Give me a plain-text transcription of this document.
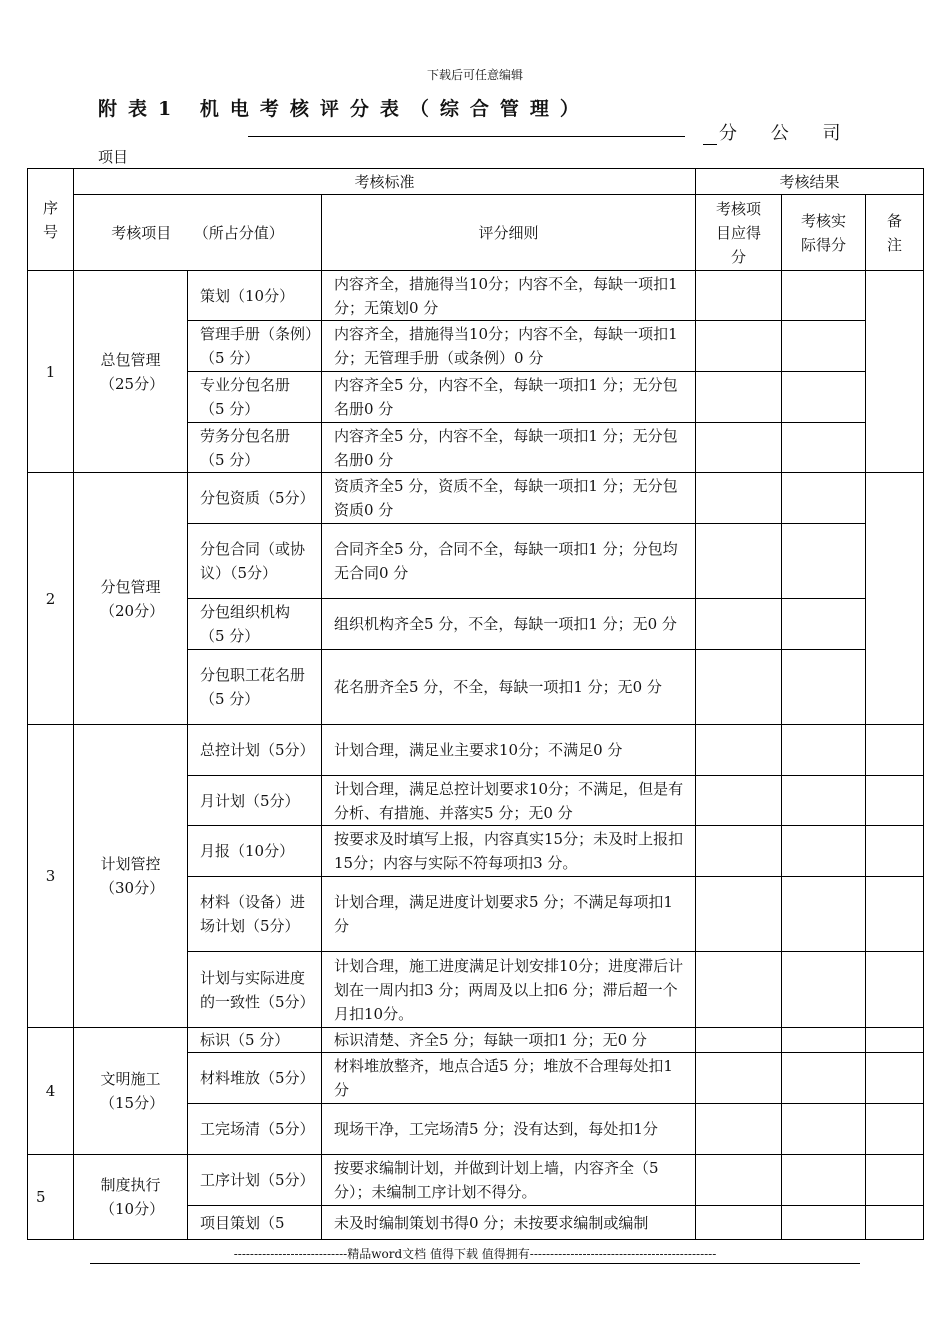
下载后可任意编辑
附表1 机电考核评分表（综合管理）
分 公 司
项目
序号	考核标准			考核结果		
	考核项目　　（所占分值）		评分细则	考核项目应得分	考核实际得分	备注
1	总包管理（25分）	策划（10分）	内容齐全，措施得当10分；内容不全，每缺一项扣1 分；无策划0 分			
		管理手册（条例）（5 分）	内容齐全，措施得当10分；内容不全，每缺一项扣1 分；无管理手册（或条例）0 分			
		专业分包名册（5 分）	内容齐全5 分，内容不全，每缺一项扣1 分；无分包名册0 分			
		劳务分包名册（5 分）	内容齐全5 分，内容不全，每缺一项扣1 分；无分包名册0 分			
2	分包管理（20分）	分包资质（5分）	资质齐全5 分，资质不全，每缺一项扣1 分；无分包资质0 分			
		分包合同（或协议）（5分）	合同齐全5 分，合同不全，每缺一项扣1 分；分包均无合同0 分			
		分包组织机构（5 分）	组织机构齐全5 分，不全，每缺一项扣1 分；无0 分			
		分包职工花名册（5 分）	花名册齐全5 分，不全，每缺一项扣1 分；无0 分			
3	计划管控（30分）	总控计划（5分）	计划合理，满足业主要求10分；不满足0 分			
		月计划（5分）	计划合理，满足总控计划要求10分；不满足，但是有分析、有措施、并落实5 分；无0 分			
		月报（10分）	按要求及时填写上报，内容真实15分；未及时上报扣15分；内容与实际不符每项扣3 分。			
		材料（设备）进场计划（5分）	计划合理，满足进度计划要求5 分；不满足每项扣1 分			
		计划与实际进度的一致性（5分）	计划合理，施工进度满足计划安排10分；进度滞后计划在一周内扣3 分；两周及以上扣6 分；滞后超一个月扣10分。			
4	文明施工（15分）	标识（5 分）	标识清楚、齐全5 分；每缺一项扣1 分；无0 分			
		材料堆放（5分）	材料堆放整齐，地点合适5 分；堆放不合理每处扣1 分			
		工完场清（5分）	现场干净，工完场清5 分；没有达到，每处扣1分			
5	制度执行（10分）	工序计划（5分）	按要求编制计划，并做到计划上墙，内容齐全（5 分）；未编制工序计划不得分。			
		项目策划（5	未及时编制策划书得0 分；未按要求编制或编制			
----------------------------精品word文档 值得下载 值得拥有----------------------------------------------
